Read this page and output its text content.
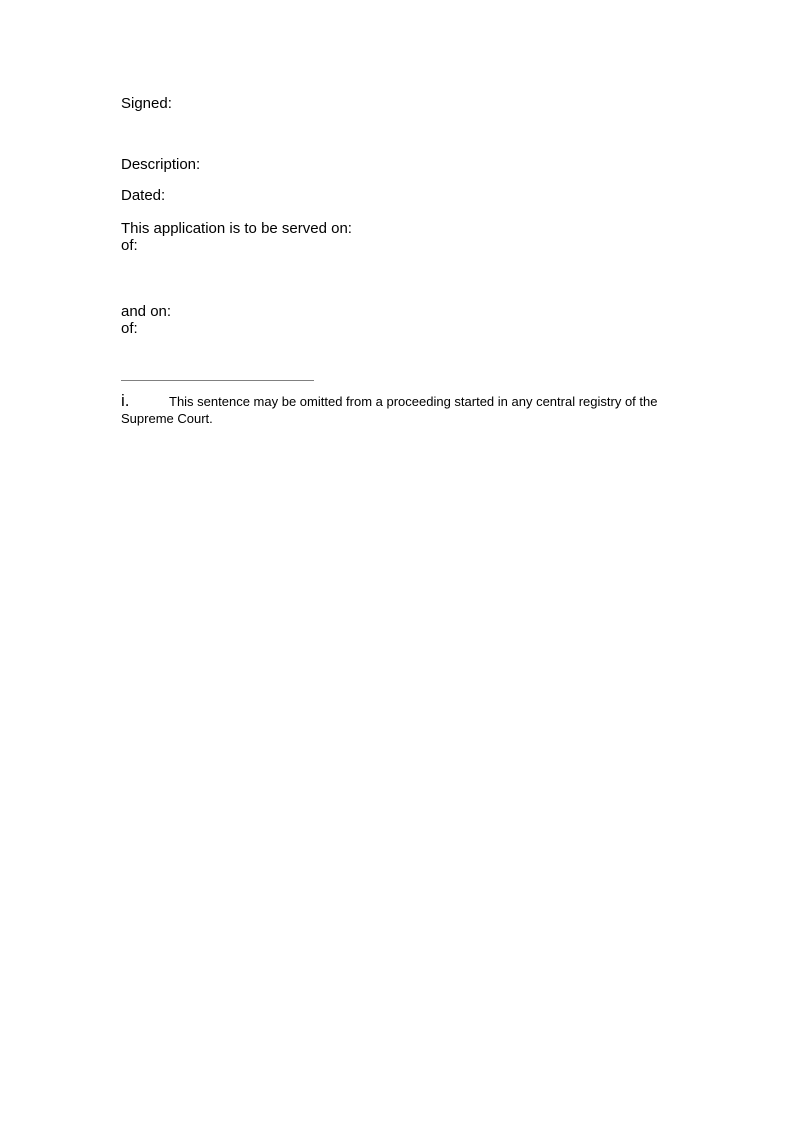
Signed:
Description:
Dated:
This application is to be served on:
of:
and on:
of:
i.	This sentence may be omitted from a proceeding started in any central registry of the Supreme Court.
